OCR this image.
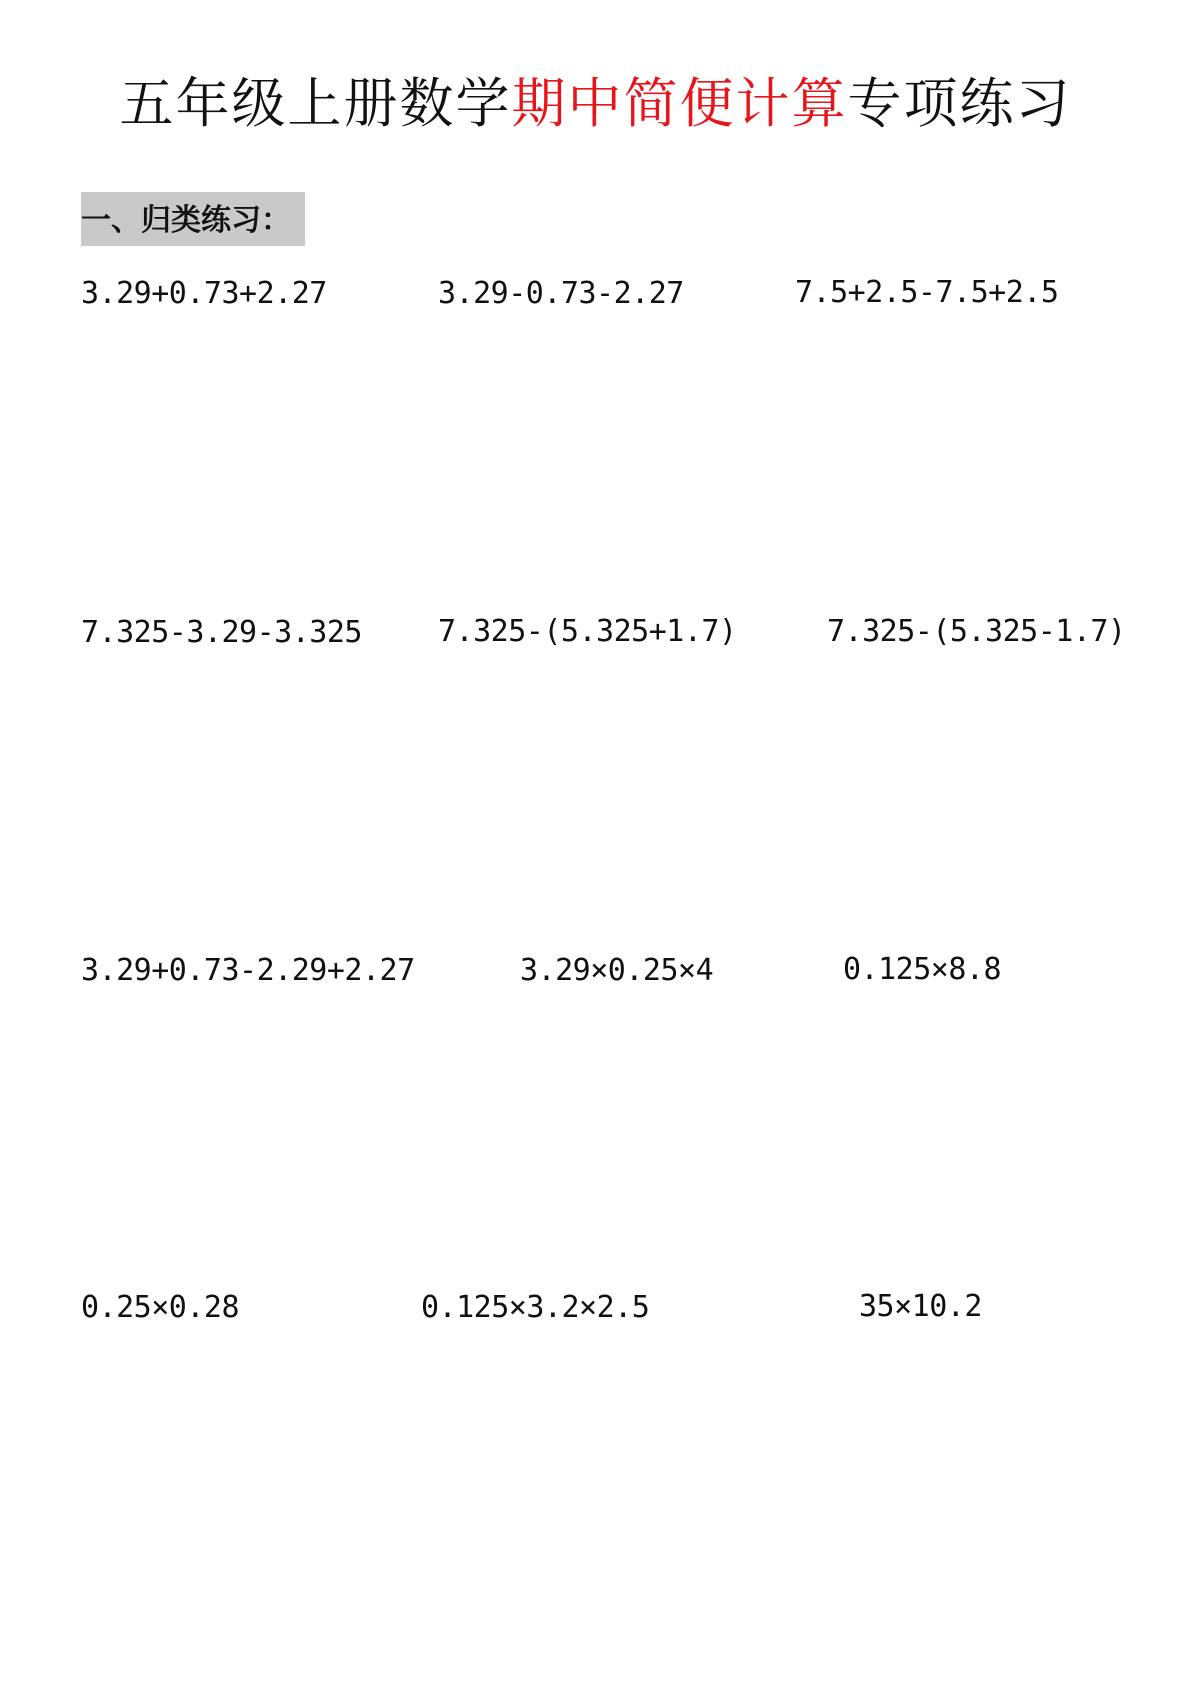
五年级上册数学期中简便计算专项练习
一、归类练习：
3.29+0.73+2.27	3.29-0.73-2.27	7.5+2.5-7.5+2.5
7.325-3.29-3.325	7.325-(5.325+1.7)	7.325-(5.325-1.7)
3.29+0.73-2.29+2.27	3.29×0.25×4	0.125×8.8
0.25×0.28	0.125×3.2×2.5	35×10.2
